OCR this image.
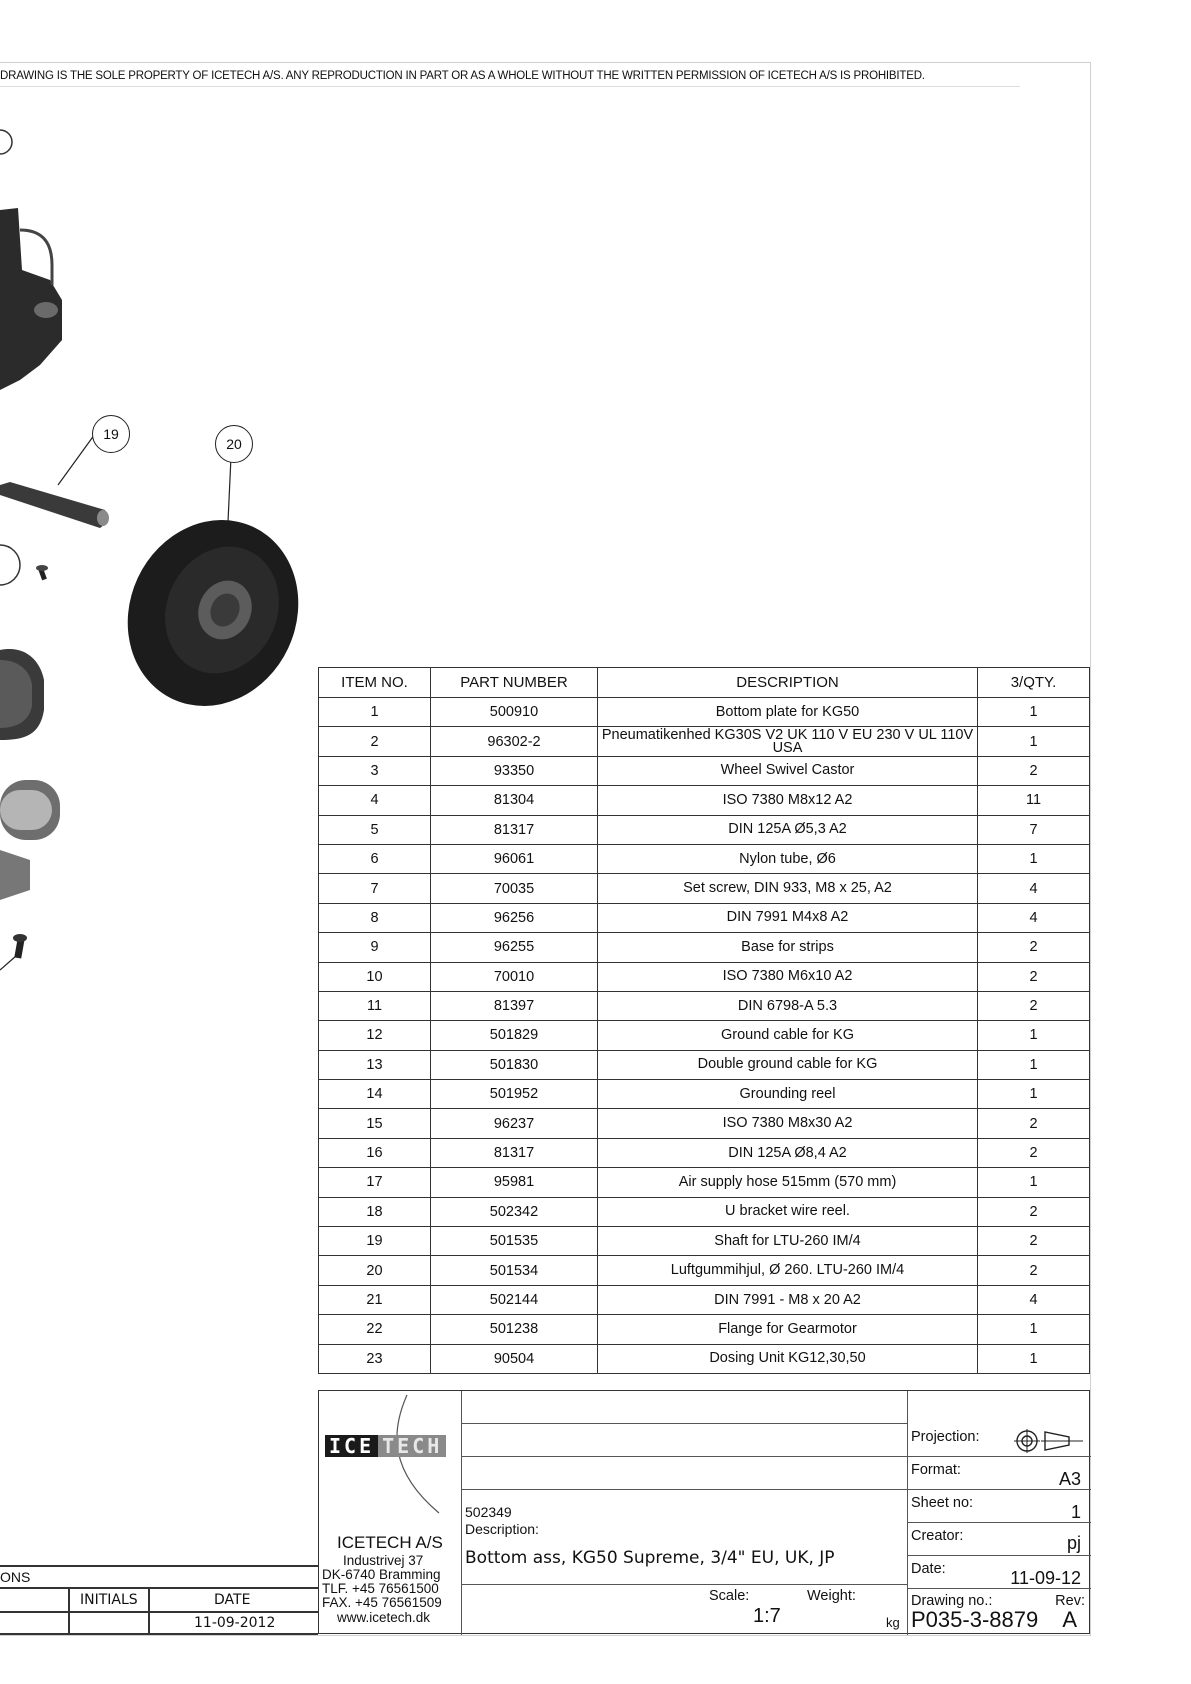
DRAWING IS THE SOLE PROPERTY OF ICETECH A/S. ANY REPRODUCTION IN PART OR AS A WHOLE WITHOUT THE WRITTEN PERMISSION OF ICETECH A/S IS PROHIBITED.
19
20
ITEM NO.	PART NUMBER	DESCRIPTION	3/QTY.
1	500910	Bottom plate for KG50	1
2	96302-2	Pneumatikenhed KG30S V2 UK 110 V EU 230 V UL 110V USA	1
3	93350	Wheel Swivel Castor	2
4	81304	ISO 7380 M8x12 A2	11
5	81317	DIN 125A Ø5,3 A2	7
6	96061	Nylon tube, Ø6	1
7	70035	Set screw, DIN 933, M8 x 25, A2	4
8	96256	DIN 7991 M4x8 A2	4
9	96255	Base for strips	2
10	70010	ISO 7380 M6x10 A2	2
11	81397	DIN 6798-A 5.3	2
12	501829	Ground cable for KG	1
13	501830	Double ground cable for KG	1
14	501952	Grounding reel	1
15	96237	ISO 7380 M8x30 A2	2
16	81317	DIN 125A Ø8,4 A2	2
17	95981	Air supply hose 515mm (570 mm)	1
18	502342	U bracket wire reel.	2
19	501535	Shaft for LTU-260 IM/4	2
20	501534	Luftgummihjul, Ø 260. LTU-260 IM/4	2
21	502144	DIN 7991 - M8 x 20 A2	4
22	501238	Flange for Gearmotor	1
23	90504	Dosing Unit KG12,30,50	1
ICE TECH
ICETECH A/S
Industrivej 37
DK-6740 Bramming
TLF. +45 76561500
FAX. +45 76561509
www.icetech.dk
502349
Description:
Bottom ass, KG50 Supreme, 3/4" EU, UK, JP
Scale:
1:7
Weight:
kg
Projection:
Format:	A3
Sheet no:	1
Creator:	pj
Date:	11-09-12
Drawing no.:
P035-3-8879
Rev:
A
ONS
INITIALS	DATE
11-09-2012
